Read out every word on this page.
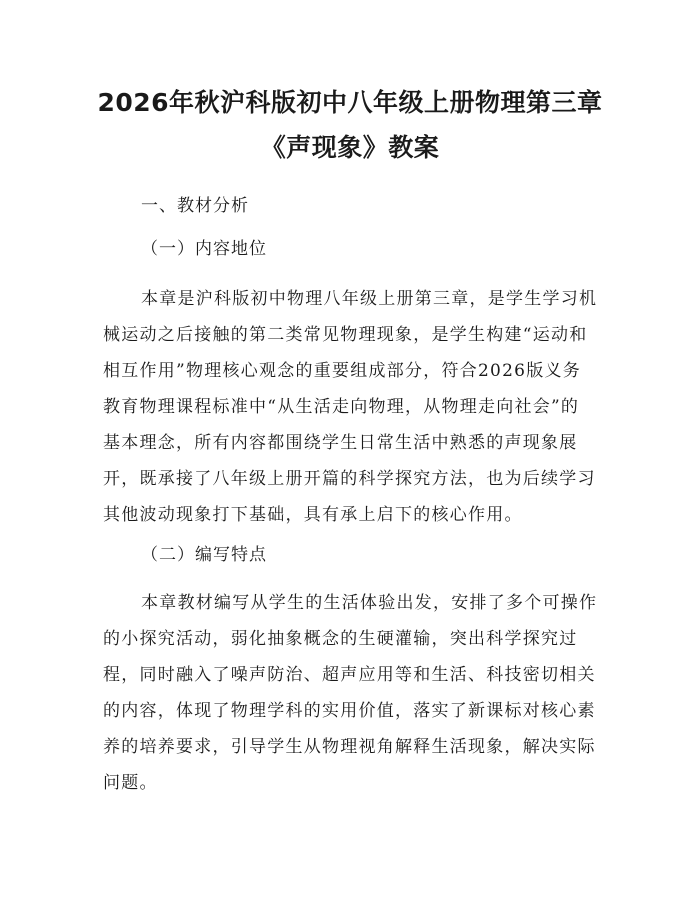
2026年秋沪科版初中八年级上册物理第三章
《声现象》教案

一、教材分析

（一）内容地位

本章是沪科版初中物理八年级上册第三章，是学生学习机
械运动之后接触的第二类常见物理现象，是学生构建“运动和
相互作用”物理核心观念的重要组成部分，符合2026版义务
教育物理课程标准中“从生活走向物理，从物理走向社会”的
基本理念，所有内容都围绕学生日常生活中熟悉的声现象展
开，既承接了八年级上册开篇的科学探究方法，也为后续学习
其他波动现象打下基础，具有承上启下的核心作用。

（二）编写特点

本章教材编写从学生的生活体验出发，安排了多个可操作
的小探究活动，弱化抽象概念的生硬灌输，突出科学探究过
程，同时融入了噪声防治、超声应用等和生活、科技密切相关
的内容，体现了物理学科的实用价值，落实了新课标对核心素
养的培养要求，引导学生从物理视角解释生活现象，解决实际
问题。
